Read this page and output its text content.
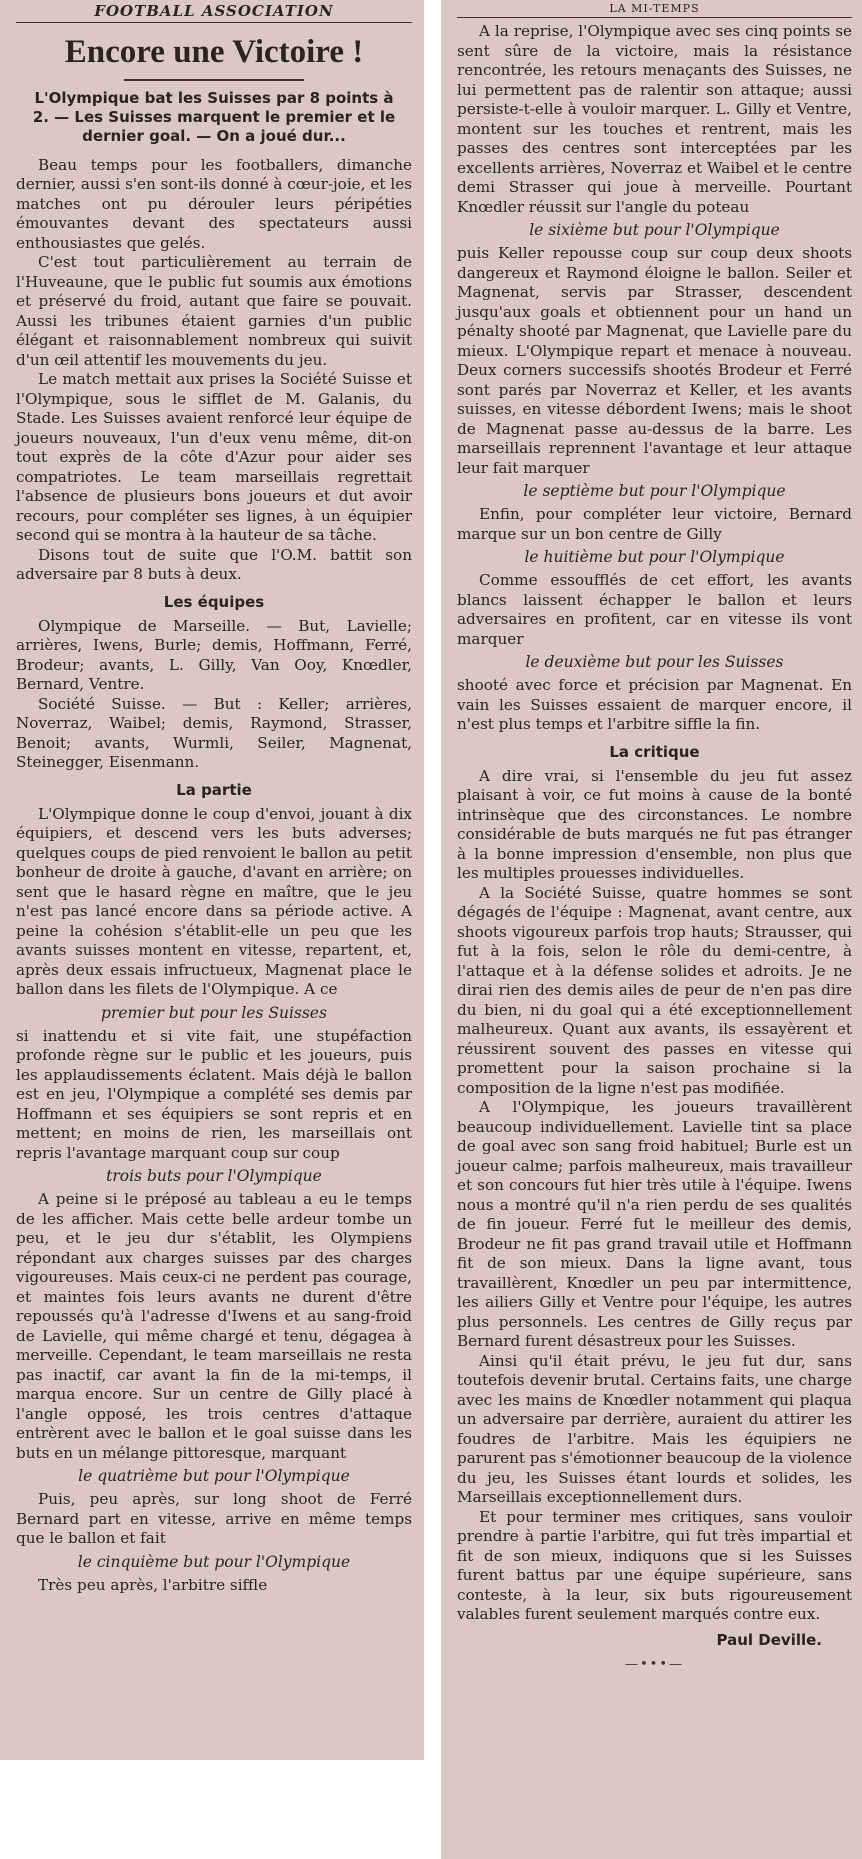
FOOTBALL ASSOCIATION
Encore une Victoire !
L'Olympique bat les Suisses par 8 points à 2. — Les Suisses marquent le premier et le dernier goal. — On a joué dur...

Beau temps pour les footballers, dimanche dernier, aussi s'en sont-ils donné à cœur-joie, et les matches ont pu dérouler leurs péripéties émouvantes devant des spectateurs aussi enthousiastes que gelés.

C'est tout particulièrement au terrain de l'Huveaune, que le public fut soumis aux émotions et préservé du froid, autant que faire se pouvait. Aussi les tribunes étaient garnies d'un public élégant et raisonnablement nombreux qui suivit d'un œil attentif les mouvements du jeu.

Le match mettait aux prises la Société Suisse et l'Olympique, sous le sifflet de M. Galanis, du Stade. Les Suisses avaient renforcé leur équipe de joueurs nouveaux, l'un d'eux venu même, dit-on tout exprès de la côte d'Azur pour aider ses compatriotes. Le team marseillais regrettait l'absence de plusieurs bons joueurs et dut avoir recours, pour compléter ses lignes, à un équipier second qui se montra à la hauteur de sa tâche.

Disons tout de suite que l'O.M. battit son adversaire par 8 buts à deux.

Les équipes

Olympique de Marseille. — But, Lavielle; arrières, Iwens, Burle; demis, Hoffmann, Ferré, Brodeur; avants, L. Gilly, Van Ooy, Knœdler, Bernard, Ventre.

Société Suisse. — But : Keller; arrières, Noverraz, Waibel; demis, Raymond, Strasser, Benoit; avants, Wurmli, Seiler, Magnenat, Steinegger, Eisenmann.

La partie

L'Olympique donne le coup d'envoi, jouant à dix équipiers, et descend vers les buts adverses; quelques coups de pied renvoient le ballon au petit bonheur de droite à gauche, d'avant en arrière; on sent que le hasard règne en maître, que le jeu n'est pas lancé encore dans sa période active. A peine la cohésion s'établit-elle un peu que les avants suisses montent en vitesse, repartent, et, après deux essais infructueux, Magnenat place le ballon dans les filets de l'Olympique. A ce

premier but pour les Suisses

si inattendu et si vite fait, une stupéfaction profonde règne sur le public et les joueurs, puis les applaudissements éclatent. Mais déjà le ballon est en jeu, l'Olympique a complété ses demis par Hoffmann et ses équipiers se sont repris et en mettent; en moins de rien, les marseillais ont repris l'avantage marquant coup sur coup

trois buts pour l'Olympique

A peine si le préposé au tableau a eu le temps de les afficher. Mais cette belle ardeur tombe un peu, et le jeu dur s'établit, les Olympiens répondant aux charges suisses par des charges vigoureuses. Mais ceux-ci ne perdent pas courage, et maintes fois leurs avants ne durent d'être repoussés qu'à l'adresse d'Iwens et au sang-froid de Lavielle, qui même chargé et tenu, dégagea à merveille. Cependant, le team marseillais ne resta pas inactif, car avant la fin de la mi-temps, il marqua encore. Sur un centre de Gilly placé à l'angle opposé, les trois centres d'attaque entrèrent avec le ballon et le goal suisse dans les buts en un mélange pittoresque, marquant

le quatrième but pour l'Olympique

Puis, peu après, sur long shoot de Ferré Bernard part en vitesse, arrive en même temps que le ballon et fait

le cinquième but pour l'Olympique

Très peu après, l'arbitre siffle

LA MI-TEMPS

A la reprise, l'Olympique avec ses cinq points se sent sûre de la victoire, mais la résistance rencontrée, les retours menaçants des Suisses, ne lui permettent pas de ralentir son attaque; aussi persiste-t-elle à vouloir marquer. L. Gilly et Ventre, montent sur les touches et rentrent, mais les passes des centres sont interceptées par les excellents arrières, Noverraz et Waibel et le centre demi Strasser qui joue à merveille. Pourtant Knœdler réussit sur l'angle du poteau

le sixième but pour l'Olympique

puis Keller repousse coup sur coup deux shoots dangereux et Raymond éloigne le ballon. Seiler et Magnenat, servis par Strasser, descendent jusqu'aux goals et obtiennent pour un hand un pénalty shooté par Magnenat, que Lavielle pare du mieux. L'Olympique repart et menace à nouveau. Deux corners successifs shootés Brodeur et Ferré sont parés par Noverraz et Keller, et les avants suisses, en vitesse débordent Iwens; mais le shoot de Magnenat passe au-dessus de la barre. Les marseillais reprennent l'avantage et leur attaque leur fait marquer

le septième but pour l'Olympique

Enfin, pour compléter leur victoire, Bernard marque sur un bon centre de Gilly

le huitième but pour l'Olympique

Comme essoufflés de cet effort, les avants blancs laissent échapper le ballon et leurs adversaires en profitent, car en vitesse ils vont marquer

le deuxième but pour les Suisses

shooté avec force et précision par Magnenat. En vain les Suisses essaient de marquer encore, il n'est plus temps et l'arbitre siffle la fin.

La critique

A dire vrai, si l'ensemble du jeu fut assez plaisant à voir, ce fut moins à cause de la bonté intrinsèque que des circonstances. Le nombre considérable de buts marqués ne fut pas étranger à la bonne impression d'ensemble, non plus que les multiples prouesses individuelles.

A la Société Suisse, quatre hommes se sont dégagés de l'équipe : Magnenat, avant centre, aux shoots vigoureux parfois trop hauts; Strausser, qui fut à la fois, selon le rôle du demi-centre, à l'attaque et à la défense solides et adroits. Je ne dirai rien des demis ailes de peur de n'en pas dire du bien, ni du goal qui a été exceptionnellement malheureux. Quant aux avants, ils essayèrent et réussirent souvent des passes en vitesse qui promettent pour la saison prochaine si la composition de la ligne n'est pas modifiée.

A l'Olympique, les joueurs travaillèrent beaucoup individuellement. Lavielle tint sa place de goal avec son sang froid habituel; Burle est un joueur calme; parfois malheureux, mais travailleur et son concours fut hier très utile à l'équipe. Iwens nous a montré qu'il n'a rien perdu de ses qualités de fin joueur. Ferré fut le meilleur des demis, Brodeur ne fit pas grand travail utile et Hoffmann fit de son mieux. Dans la ligne avant, tous travaillèrent, Knœdler un peu par intermittence, les ailiers Gilly et Ventre pour l'équipe, les autres plus personnels. Les centres de Gilly reçus par Bernard furent désastreux pour les Suisses.

Ainsi qu'il était prévu, le jeu fut dur, sans toutefois devenir brutal. Certains faits, une charge avec les mains de Knœdler notamment qui plaqua un adversaire par derrière, auraient du attirer les foudres de l'arbitre. Mais les équipiers ne parurent pas s'émotionner beaucoup de la violence du jeu, les Suisses étant lourds et solides, les Marseillais exceptionnellement durs.

Et pour terminer mes critiques, sans vouloir prendre à partie l'arbitre, qui fut très impartial et fit de son mieux, indiquons que si les Suisses furent battus par une équipe supérieure, sans conteste, à la leur, six buts rigoureusement valables furent seulement marqués contre eux.

Paul Deville.
—•••—
